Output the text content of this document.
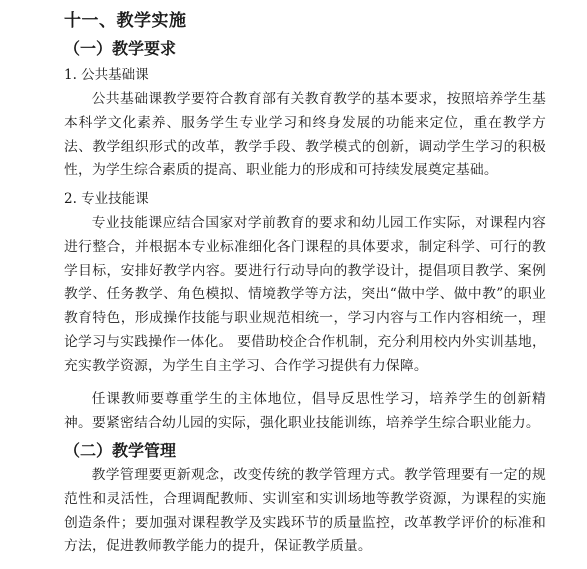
十一、教学实施
（一）教学要求
1. 公共基础课

公共基础课教学要符合教育部有关教育教学的基本要求，按照培养学生基本科学文化素养、服务学生专业学习和终身发展的功能来定位，重在教学方法、教学组织形式的改革，教学手段、教学模式的创新，调动学生学习的积极性，为学生综合素质的提高、职业能力的形成和可持续发展奠定基础。

2. 专业技能课

专业技能课应结合国家对学前教育的要求和幼儿园工作实际，对课程内容进行整合，并根据本专业标准细化各门课程的具体要求，制定科学、可行的教学目标，安排好教学内容。要进行行动导向的教学设计，提倡项目教学、案例教学、任务教学、角色模拟、情境教学等方法，突出“做中学、做中教”的职业教育特色，形成操作技能与职业规范相统一，学习内容与工作内容相统一，理论学习与实践操作一体化。 要借助校企合作机制，充分利用校内外实训基地，充实教学资源，为学生自主学习、合作学习提供有力保障。

任课教师要尊重学生的主体地位，倡导反思性学习，培养学生的创新精神。要紧密结合幼儿园的实际，强化职业技能训练，培养学生综合职业能力。

（二）教学管理

教学管理要更新观念，改变传统的教学管理方式。教学管理要有一定的规范性和灵活性，合理调配教师、实训室和实训场地等教学资源，为课程的实施创造条件；要加强对课程教学及实践环节的质量监控，改革教学评价的标准和方法，促进教师教学能力的提升，保证教学质量。
